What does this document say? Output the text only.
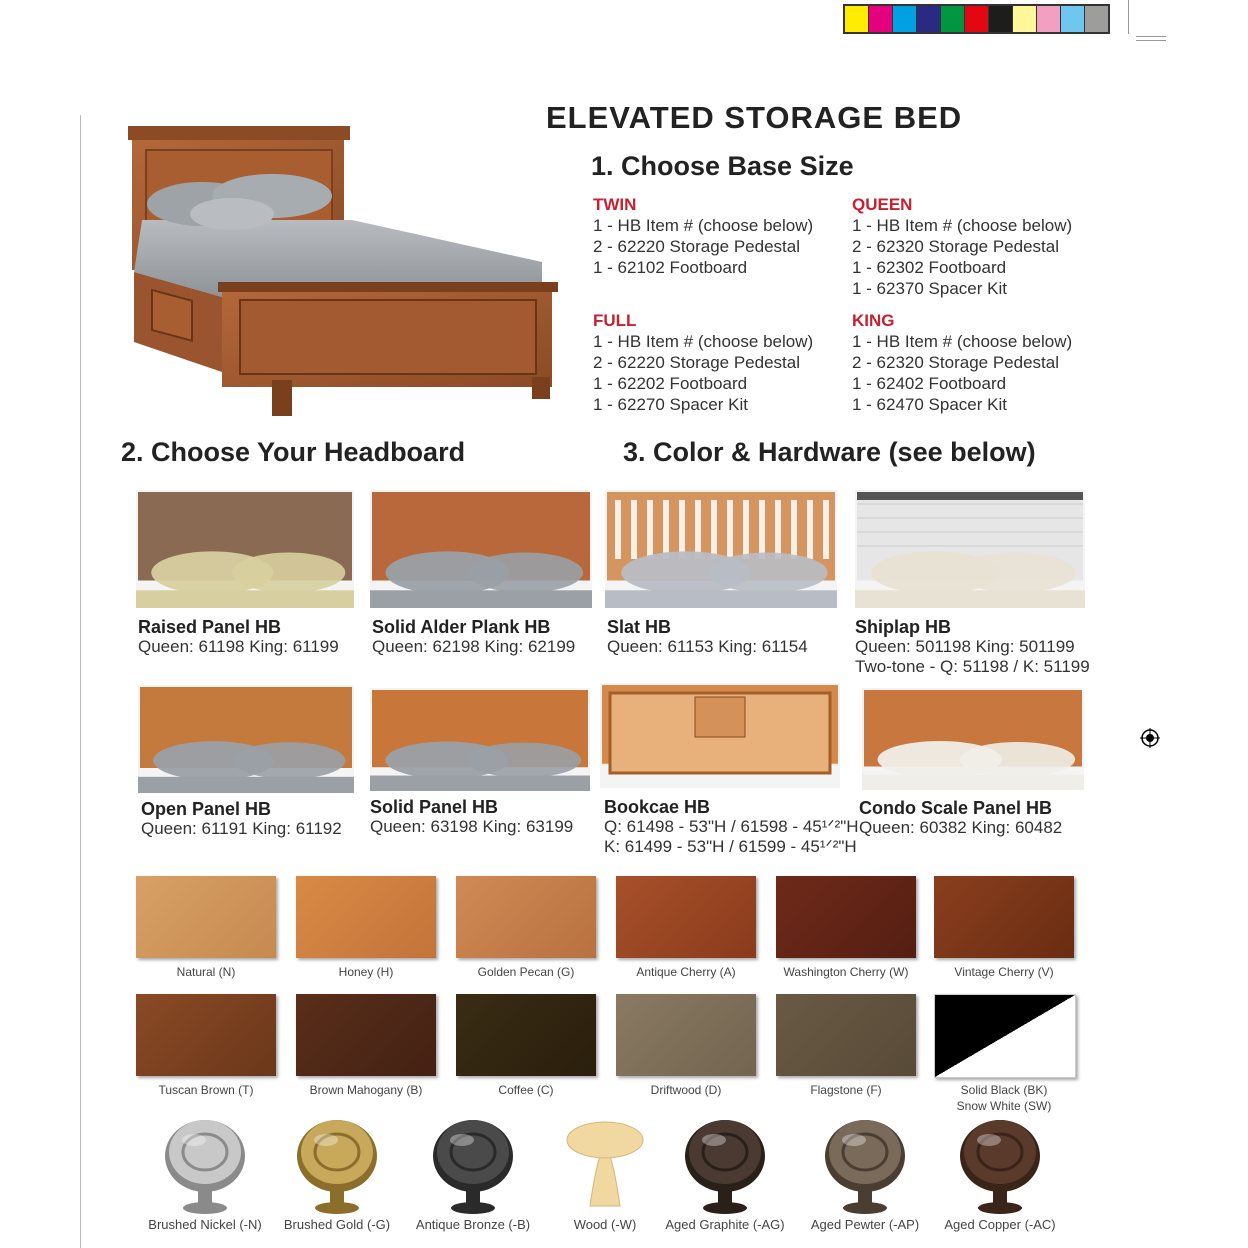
ELEVATED STORAGE BED
1. Choose Base Size
2. Choose Your Headboard	3. Color & Hardware (see below)
TWIN
1 - HB Item # (choose below)
2 - 62220 Storage Pedestal
1 - 62102 Footboard
QUEEN
1 - HB Item # (choose below)
2 - 62320 Storage Pedestal
1 - 62302 Footboard
1 - 62370 Spacer Kit
FULL
1 - HB Item # (choose below)
2 - 62220 Storage Pedestal
1 - 62202 Footboard
1 - 62270 Spacer Kit
KING
1 - HB Item # (choose below)
2 - 62320 Storage Pedestal
1 - 62402 Footboard
1 - 62470 Spacer Kit
Raised Panel HB
Queen: 61198 King: 61199
Solid Alder Plank HB
Queen: 62198 King: 62199
Slat HB
Queen: 61153 King: 61154
Shiplap HB
Queen: 501198 King: 501199
Two-tone - Q: 51198 / K: 51199
Open Panel HB
Queen: 61191 King: 61192
Solid Panel HB
Queen: 63198 King: 63199
Bookcae HB
Q: 61498 - 53"H / 61598 - 45¹ᐟ²"H
K: 61499 - 53"H / 61599 - 45¹ᐟ²"H
Condo Scale Panel HB
Queen: 60382 King: 60482
Natural (N)	Honey (H)	Golden Pecan (G)	Antique Cherry (A)	Washington Cherry (W)	Vintage Cherry (V)
Tuscan Brown (T)	Brown Mahogany (B)	Coffee (C)	Driftwood (D)	Flagstone (F)	Solid Black (BK)
Snow White (SW)
Brushed Nickel (-N)	Brushed Gold (-G)	Antique Bronze (-B)	Wood (-W)	Aged Graphite (-AG)	Aged Pewter (-AP)	Aged Copper (-AC)
